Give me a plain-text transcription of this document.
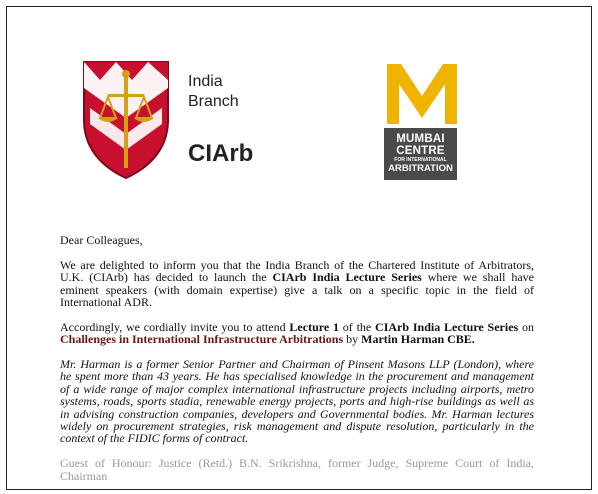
India
Branch
CIArb
MUMBAI
CENTRE
FOR INTERNATIONAL
ARBITRATION

Dear Colleagues,

We are delighted to inform you that the India Branch of the Chartered Institute of Arbitrators, U.K. (CIArb) has decided to launch the CIArb India Lecture Series where we shall have eminent speakers (with domain expertise) give a talk on a specific topic in the field of International ADR.

Accordingly, we cordially invite you to attend Lecture 1 of the CIArb India Lecture Series on Challenges in International Infrastructure Arbitrations by Martin Harman CBE.

Mr. Harman is a former Senior Partner and Chairman of Pinsent Masons LLP (London), where he spent more than 43 years. He has specialised knowledge in the procurement and management of a wide range of major complex international infrastructure projects including airports, metro systems, roads, sports stadia, renewable energy projects, ports and high-rise buildings as well as in advising construction companies, developers and Governmental bodies. Mr. Harman lectures widely on procurement strategies, risk management and dispute resolution, particularly in the context of the FIDIC forms of contract.

Guest of Honour: Justice (Retd.) B.N. Srikrishna, former Judge, Supreme Court of India, Chairman
